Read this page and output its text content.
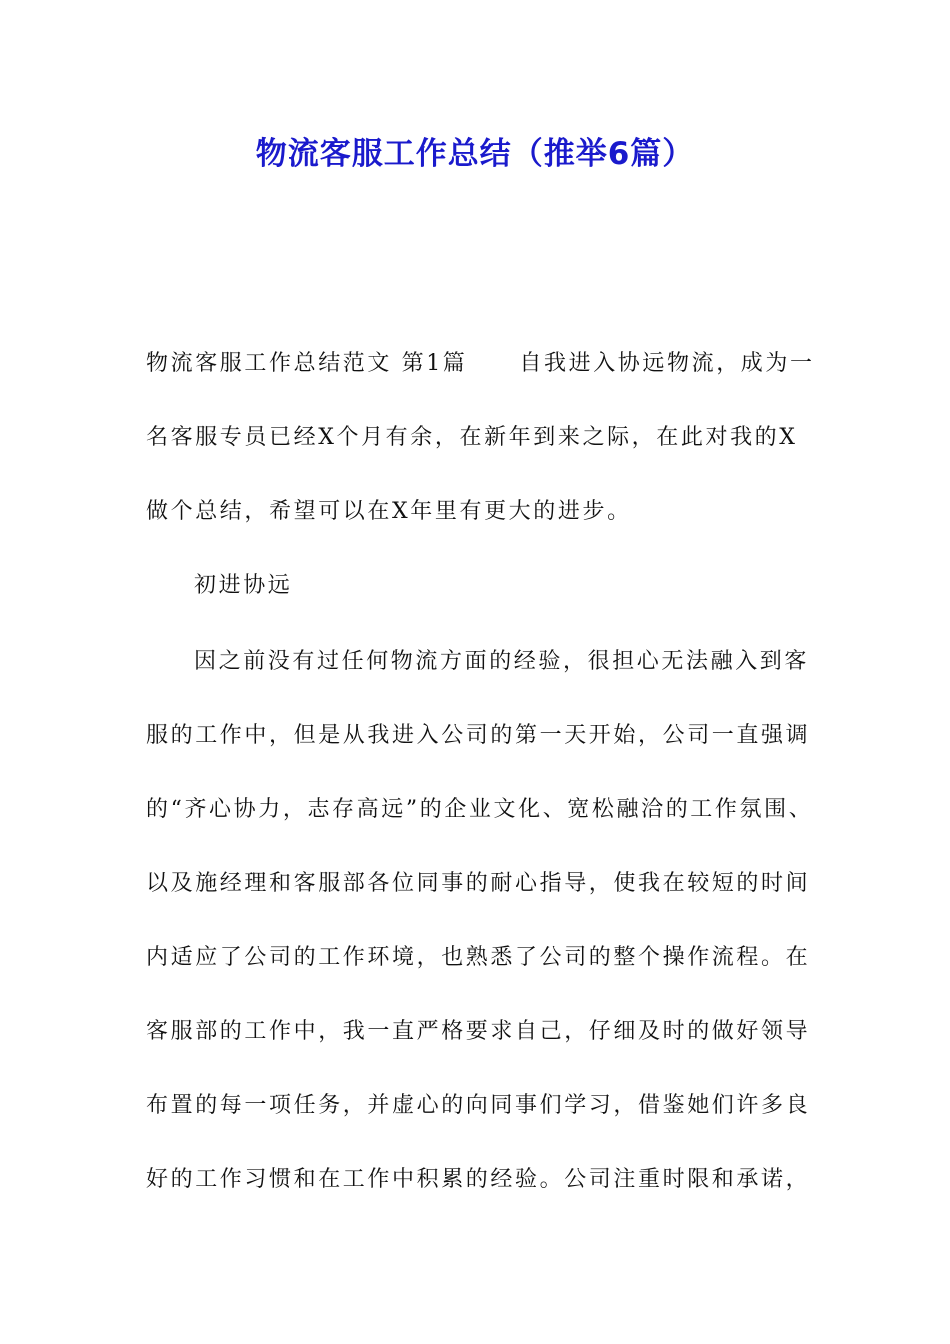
物流客服工作总结（推举6篇）
物流客服工作总结范文 第1篇 自我进入协远物流，成为一
名客服专员已经X个月有余，在新年到来之际，在此对我的X
做个总结，希望可以在X年里有更大的进步。
初进协远
因之前没有过任何物流方面的经验，很担心无法融入到客
服的工作中，但是从我进入公司的第一天开始，公司一直强调
的“齐心协力，志存高远”的企业文化、宽松融洽的工作氛围、
以及施经理和客服部各位同事的耐心指导，使我在较短的时间
内适应了公司的工作环境，也熟悉了公司的整个操作流程。在
客服部的工作中，我一直严格要求自己，仔细及时的做好领导
布置的每一项任务，并虚心的向同事们学习，借鉴她们许多良
好的工作习惯和在工作中积累的经验。公司注重时限和承诺，
